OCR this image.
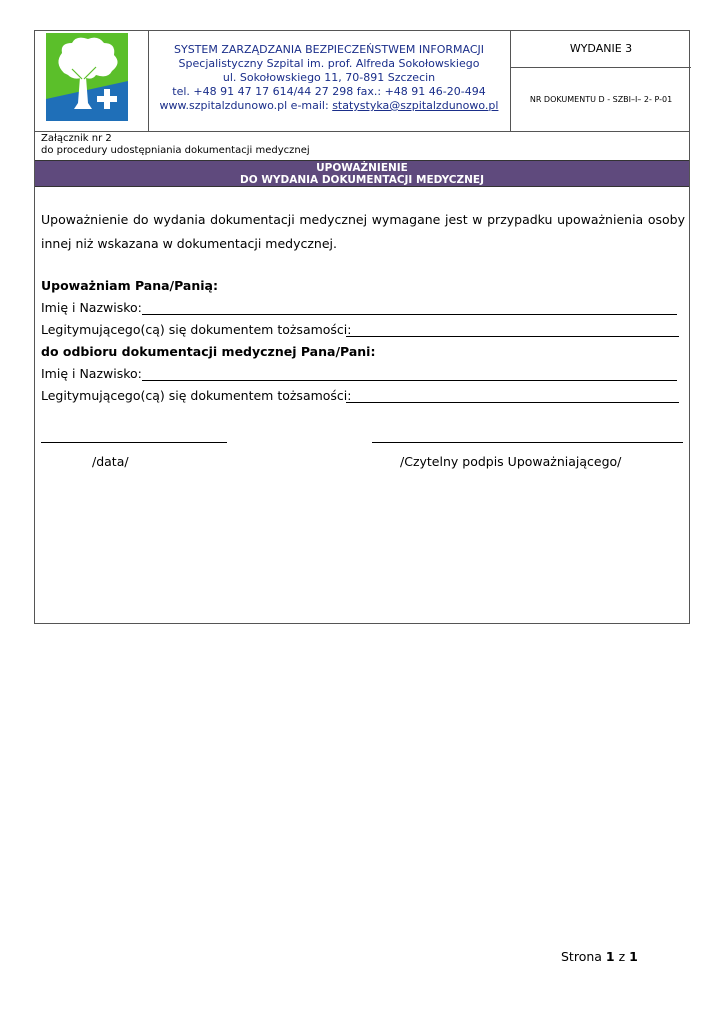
SYSTEM ZARZĄDZANIA BEZPIECZEŃSTWEM INFORMACJI
Specjalistyczny Szpital im. prof. Alfreda Sokołowskiego
ul. Sokołowskiego 11, 70-891 Szczecin
tel. +48 91 47 17 614/44 27 298 fax.: +48 91 46-20-494
www.szpitalzdunowo.pl e-mail: statystyka@szpitalzdunowo.pl
WYDANIE 3
NR DOKUMENTU D - SZBI–I– 2- P-01
Załącznik nr 2
do procedury udostępniania dokumentacji medycznej
UPOWAŻNIENIE
DO WYDANIA DOKUMENTACJI MEDYCZNEJ
Upoważnienie do wydania dokumentacji medycznej wymagane jest w przypadku upoważnienia osoby innej niż wskazana w dokumentacji medycznej.
Upoważniam Pana/Panią:
Imię i Nazwisko:
Legitymującego(cą) się dokumentem tożsamości:
do odbioru dokumentacji medycznej Pana/Pani:
Imię i Nazwisko:
Legitymującego(cą) się dokumentem tożsamości:
/data/	/Czytelny podpis Upoważniającego/
Strona 1 z 1
